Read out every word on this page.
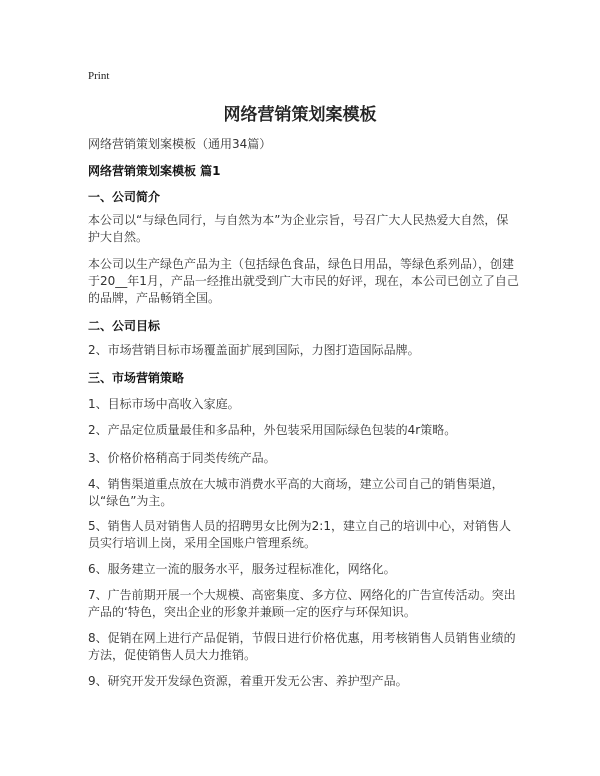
Print
网络营销策划案模板
网络营销策划案模板（通用34篇）
网络营销策划案模板 篇1
一、公司简介
本公司以“与绿色同行，与自然为本”为企业宗旨，号召广大人民热爱大自然，保护大自然。
本公司以生产绿色产品为主（包括绿色食品，绿色日用品，等绿色系列品），创建于20__年1月，产品一经推出就受到广大市民的好评，现在，本公司已创立了自己的品牌，产品畅销全国。
二、公司目标
2、市场营销目标市场覆盖面扩展到国际，力图打造国际品牌。
三、市场营销策略
1、目标市场中高收入家庭。
2、产品定位质量最佳和多品种，外包装采用国际绿色包装的4r策略。
3、价格价格稍高于同类传统产品。
4、销售渠道重点放在大城市消费水平高的大商场，建立公司自己的销售渠道，以“绿色”为主。
5、销售人员对销售人员的招聘男女比例为2:1，建立自己的培训中心，对销售人员实行培训上岗，采用全国账户管理系统。
6、服务建立一流的服务水平，服务过程标准化，网络化。
7、广告前期开展一个大规模、高密集度、多方位、网络化的广告宣传活动。突出产品的‘特色，突出企业的形象并兼顾一定的医疗与环保知识。
8、促销在网上进行产品促销，节假日进行价格优惠，用考核销售人员销售业绩的方法，促使销售人员大力推销。
9、研究开发开发绿色资源，着重开发无公害、养护型产品。
